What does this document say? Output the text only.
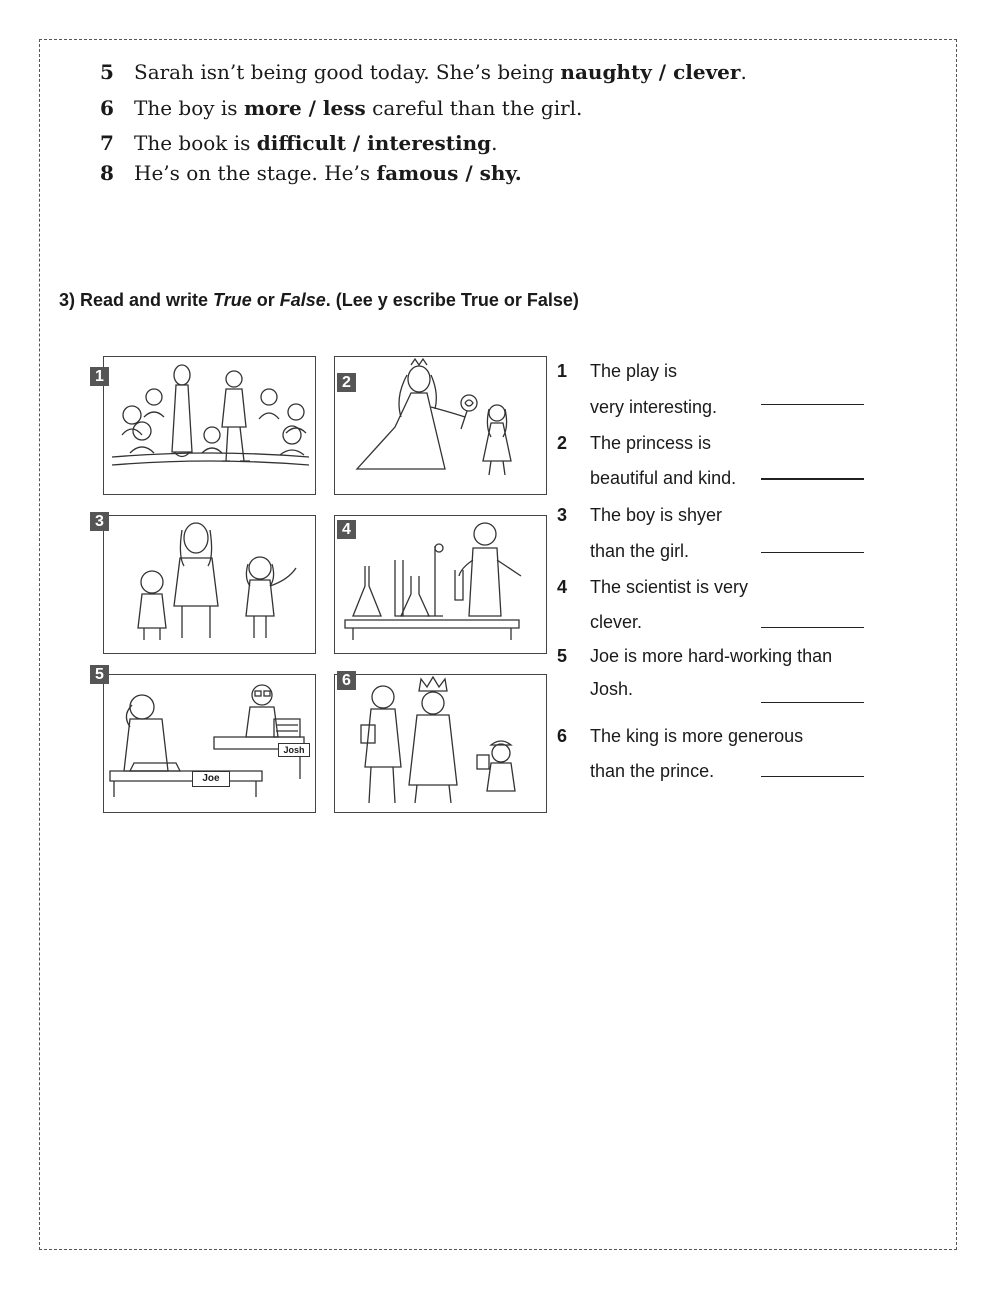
5 Sarah isn’t being good today. She’s being naughty / clever.
6 The boy is more / less careful than the girl.
7 The book is difficult / interesting.
8 He’s on the stage. He’s famous / shy.
3) Read and write True or False. (Lee y escribe True or False)
1	2
3	4
Joe
Josh
5	6
1 The play is
very interesting.
2 The princess is
beautiful and kind.
3 The boy is shyer
than the girl.
4 The scientist is very
clever.
5 Joe is more hard-working than
Josh.
6 The king is more generous
than the prince.
